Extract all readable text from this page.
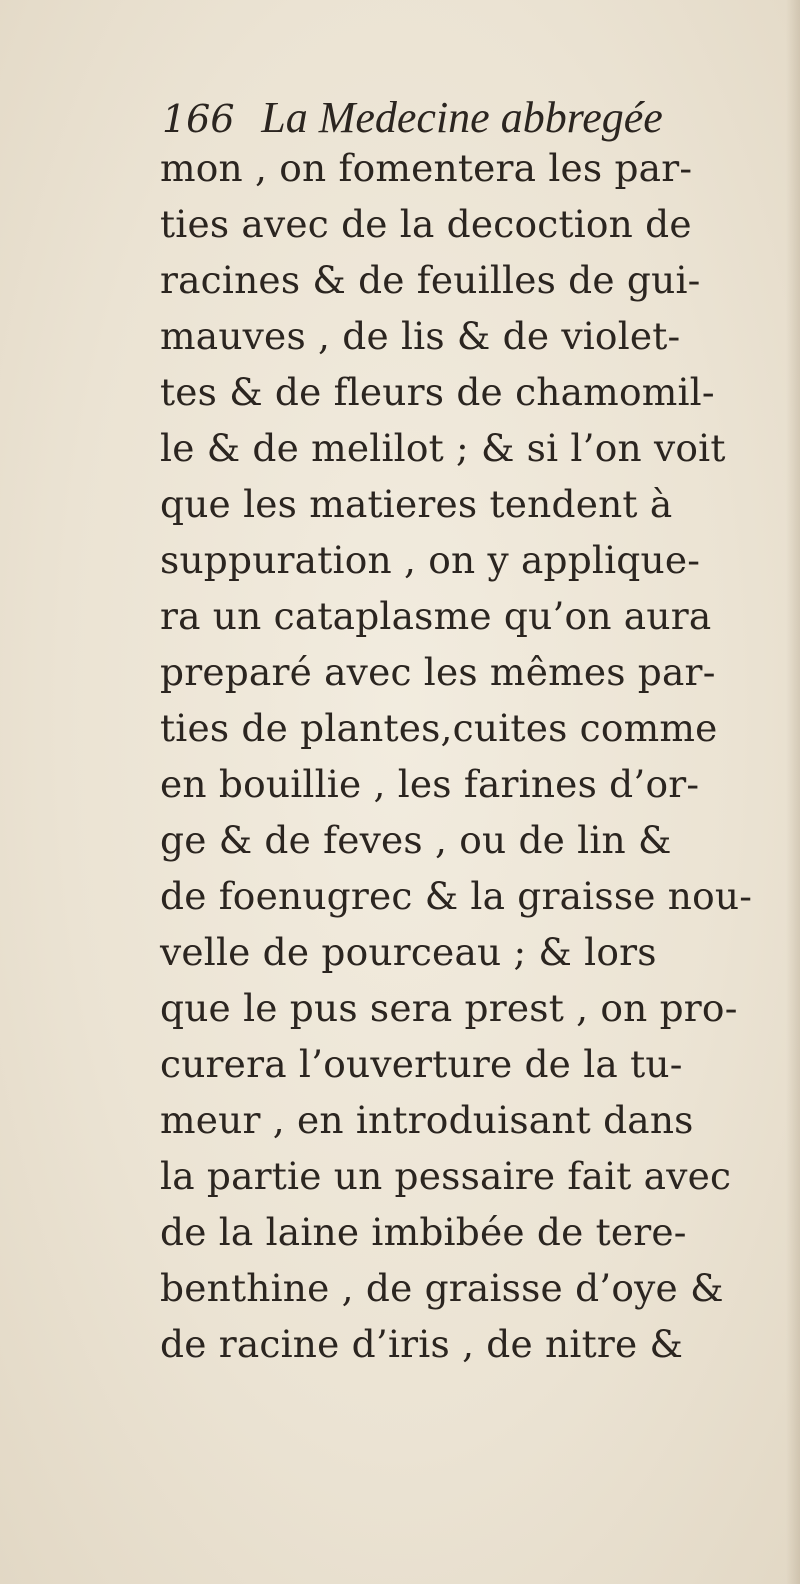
166 La Medecine abbregée
mon , on fomentera les par-
ties avec de la decoction de
racines & de feuilles de gui-
mauves , de lis & de violet-
tes & de fleurs de chamomil-
le & de melilot ; & si l’on voit
que les matieres tendent à
suppuration , on y applique-
ra un cataplasme qu’on aura
preparé avec les mêmes par-
ties de plantes,cuites comme
en bouillie , les farines d’or-
ge & de feves , ou de lin &
de foenugrec & la graisse nou-
velle de pourceau ; & lors
que le pus sera prest , on pro-
curera l’ouverture de la tu-
meur , en introduisant dans
la partie un pessaire fait avec
de la laine imbibée de tere-
benthine , de graisse d’oye &
de racine d’iris , de nitre &
